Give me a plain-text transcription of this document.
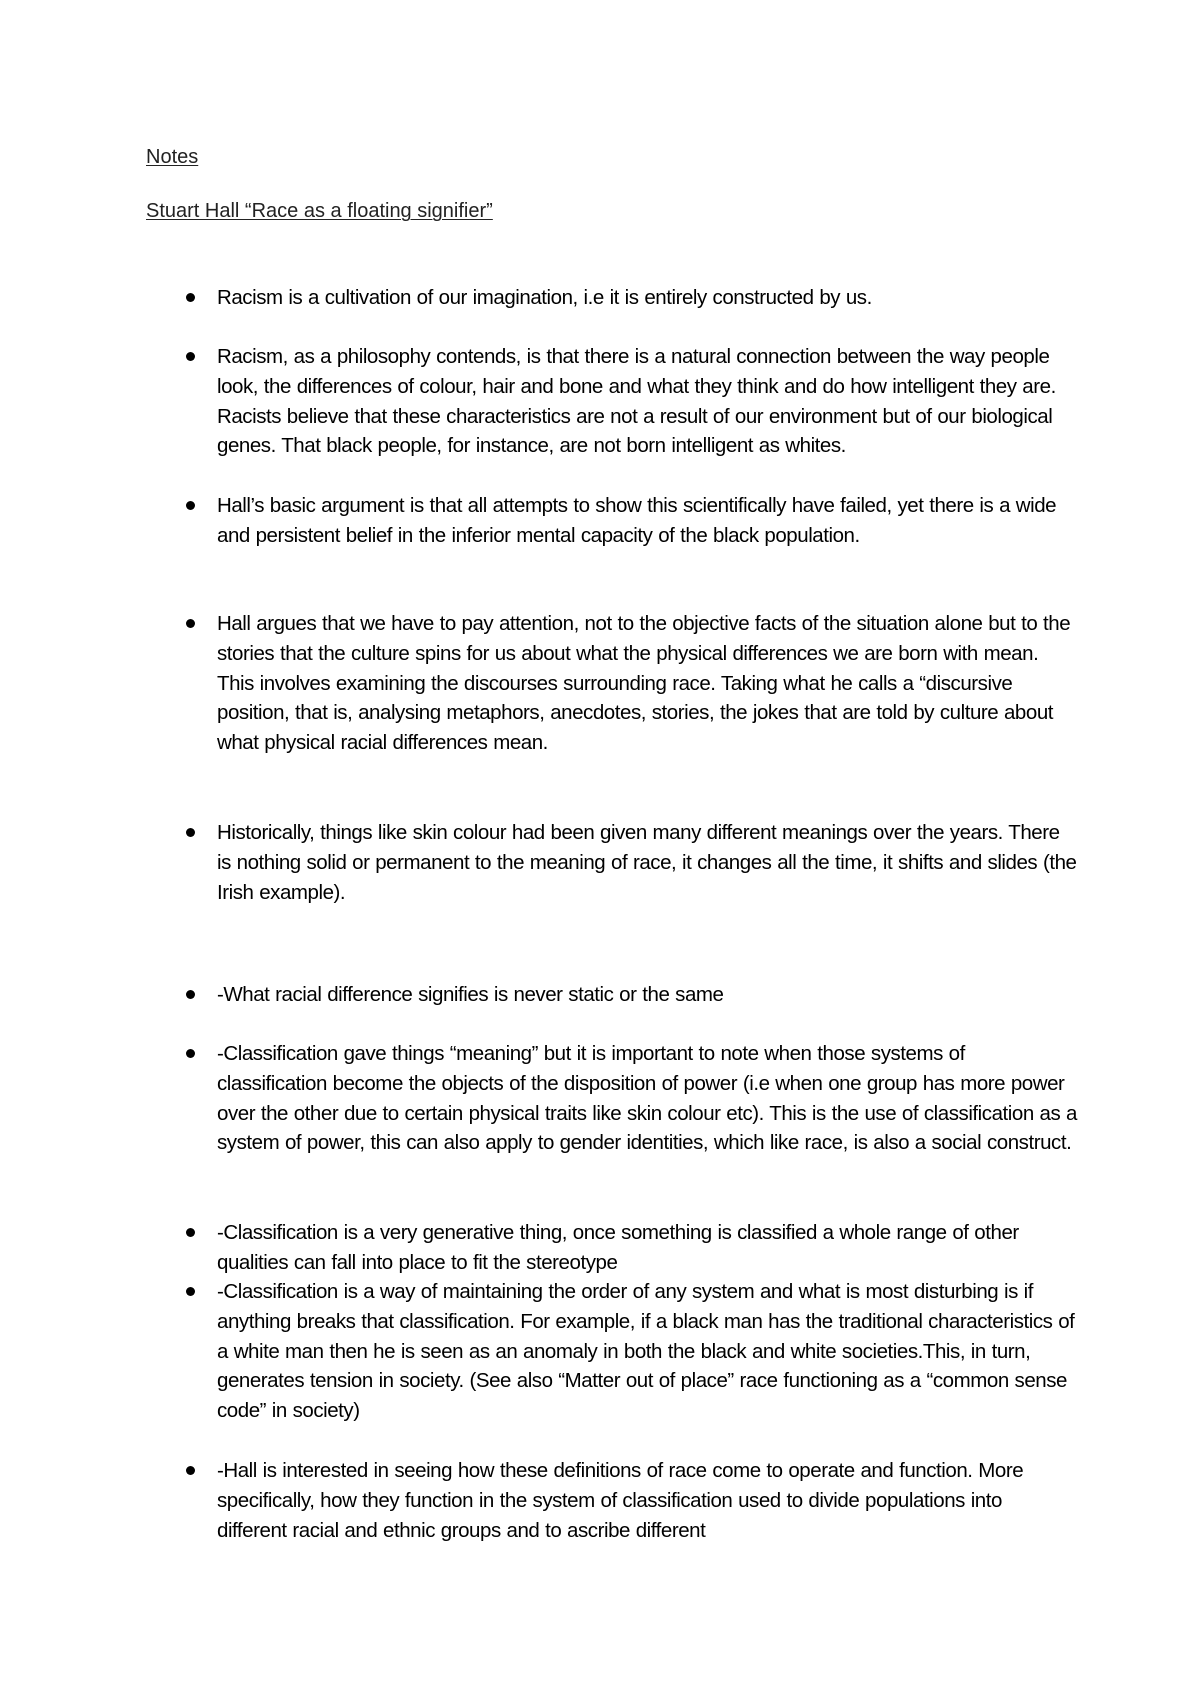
Notes
Stuart Hall “Race as a floating signifier”
Racism is a cultivation of our imagination, i.e it is entirely constructed by us.
Racism, as a philosophy contends, is that there is a natural connection between the way people look, the differences of colour, hair and bone and what they think and do how intelligent they are. Racists believe that these characteristics are not a result of our environment but of our biological genes. That black people, for instance, are not born intelligent as whites.
Hall’s basic argument is that all attempts to show this scientifically have failed, yet there is a wide and persistent belief in the inferior mental capacity of the black population.
Hall argues that we have to pay attention, not to the objective facts of the situation alone but to the stories that the culture spins for us about what the physical differences we are born with mean. This involves examining the discourses surrounding race. Taking what he calls a “discursive position, that is, analysing metaphors, anecdotes, stories, the jokes that are told by culture about what physical racial differences mean.
Historically, things like skin colour had been given many different meanings over the years. There is nothing solid or permanent to the meaning of race, it changes all the time, it shifts and slides (the Irish example).
-What racial difference signifies is never static or the same
-Classification gave things “meaning” but it is important to note when those systems of classification become the objects of the disposition of power (i.e when one group has more power over the other due to certain physical traits like skin colour etc). This is the use of classification as a system of power, this can also apply to gender identities, which like race, is also a social construct.
-Classification is a very generative thing, once something is classified a whole range of other qualities can fall into place to fit the stereotype
-Classification is a way of maintaining the order of any system and what is most disturbing is if anything breaks that classification. For example, if a black man has the traditional characteristics of a white man then he is seen as an anomaly in both the black and white societies.This, in turn, generates tension in society. (See also “Matter out of place” race functioning as a “common sense code” in society)
-Hall is interested in seeing how these definitions of race come to operate and function. More specifically, how they function in the system of classification used to divide populations into different racial and ethnic groups and to ascribe different
